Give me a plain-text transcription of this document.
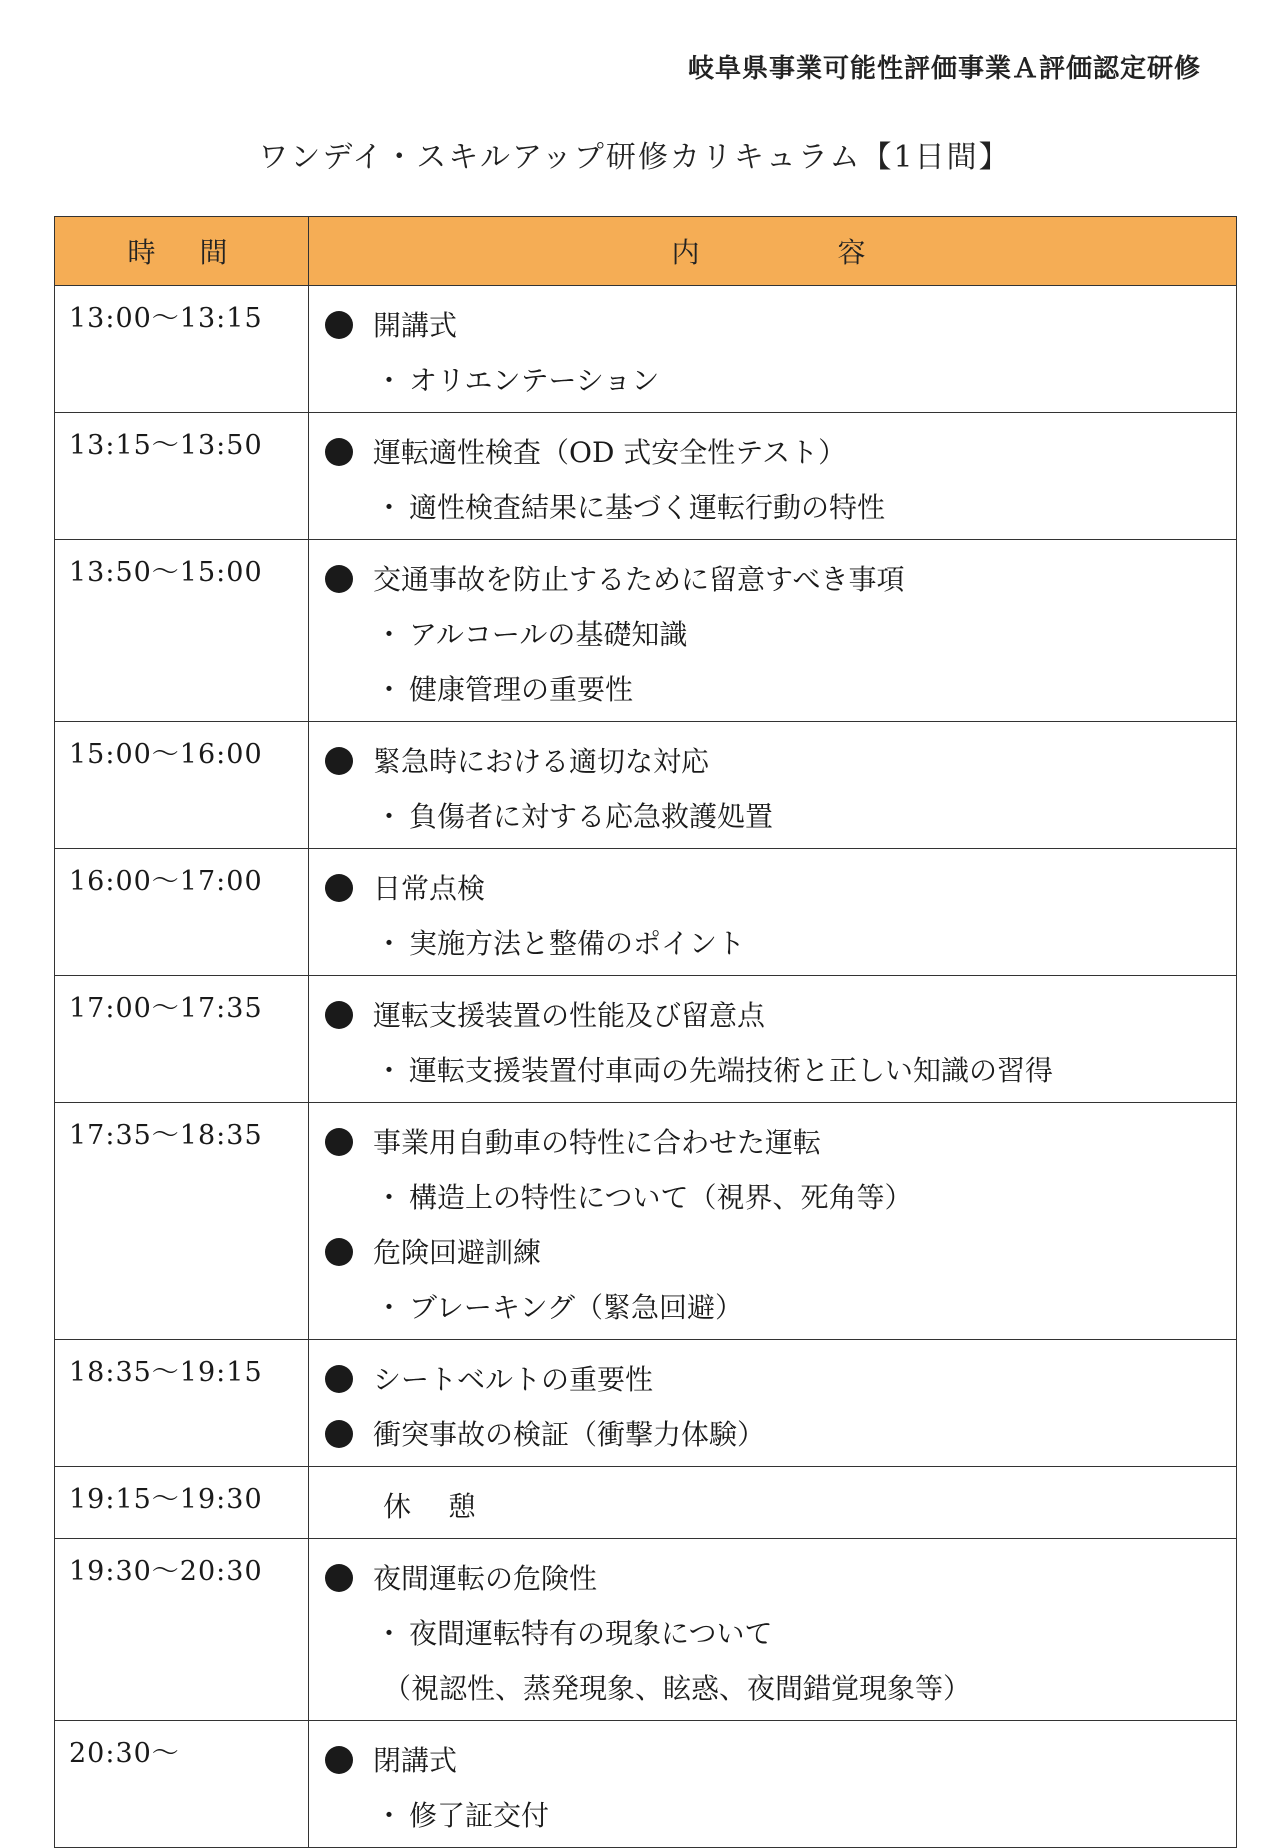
岐阜県事業可能性評価事業Ａ評価認定研修
ワンデイ・スキルアップ研修カリキュラム【1日間】
時　間	内 容
13:00〜13:15	開講式
・ オリエンテーション

13:15〜13:50	運転適性検査（OD 式安全性テスト）
・ 適性検査結果に基づく運転行動の特性

13:50〜15:00	交通事故を防止するために留意すべき事項
・ アルコールの基礎知識
・ 健康管理の重要性

15:00〜16:00	緊急時における適切な対応
・ 負傷者に対する応急救護処置

16:00〜17:00	日常点検
・ 実施方法と整備のポイント

17:00〜17:35	運転支援装置の性能及び留意点
・ 運転支援装置付車両の先端技術と正しい知識の習得

17:35〜18:35	事業用自動車の特性に合わせた運転
・ 構造上の特性について（視界、死角等）
危険回避訓練
・ ブレーキング（緊急回避）

18:35〜19:15	シートベルトの重要性
衝突事故の検証（衝撃力体験）

19:15〜19:30	休 憩

19:30〜20:30	夜間運転の危険性
・ 夜間運転特有の現象について
（視認性、蒸発現象、眩惑、夜間錯覚現象等）

20:30〜	閉講式
・ 修了証交付
